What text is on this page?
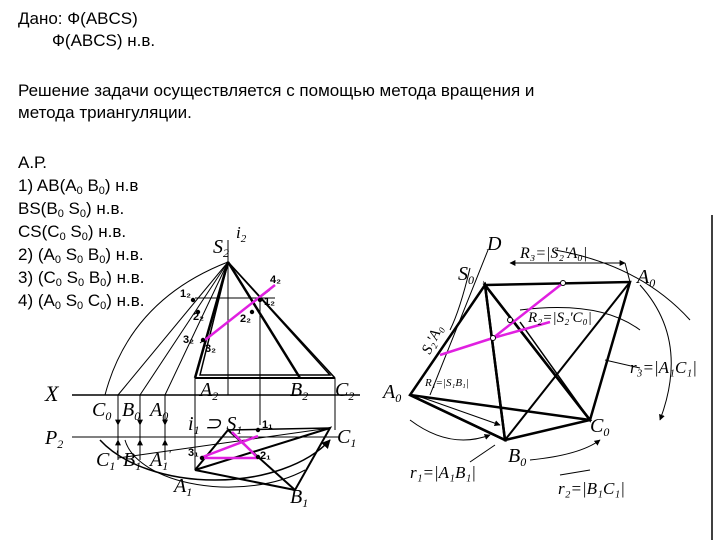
Дано: Ф(ABCS)
Ф(ABCS) н.в.
Решение задачи осуществляется с помощью метода вращения и
метода триангуляции.
А.Р.
1) $AB(A_0$ $B_0$) н.в
$BS(B_0$ $S_0$) н.в.
$CS(C_0$ $S_0$) н.в.
2) ($A_0$ $S_0$ $B_0$) н.в.
3) ($C_0$ $S_0$ $B_0$) н.в.
4) ($A_0$ $S_0$ $C_0$) н.в.
$S_2$
$i_2$
$A_2$	$B_2$ $C_2$
X
$P_2$
$C_0$ $B_0$ $A_0$
$C_1'$ $B_1$ $A_1'$
$i_1$ ⊃ $S_1$	$C_1$
$A_1$	$B_1$
4₂
1₂
1₂
2₂	2₂
3₂
3₂
1₁
2₁
3₁
D
$S_0$	$A_0$
$A_0$
$C_0$
$B_0$
R₃=|S₂'A₀|
R₂=|S₂'C₀|
r₃=|A₁C₁|
r₁=|A₁B₁|
r₂=|B₁C₁|
R₁=|S₁B₁|
S₂'A₀
